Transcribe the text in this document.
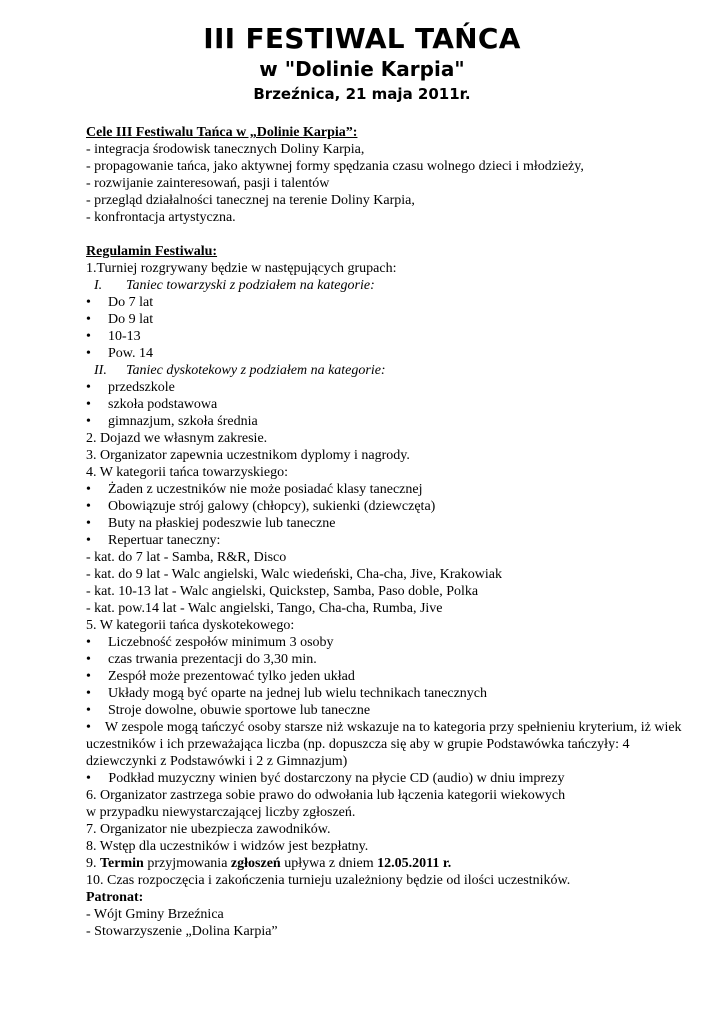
III FESTIWAL TAŃCA
w "Dolinie Karpia"
Brzeźnica, 21 maja 2011r.
Cele III Festiwalu Tańca w „Dolinie Karpia”:
- integracja środowisk tanecznych Doliny Karpia,
- propagowanie tańca, jako aktywnej formy spędzania czasu wolnego dzieci i młodzieży,
- rozwijanie zainteresowań, pasji i talentów
- przegląd działalności tanecznej na terenie Doliny Karpia,
- konfrontacja artystyczna.
Regulamin Festiwalu:
1.Turniej rozgrywany będzie w następujących grupach:
I. Taniec towarzyski z podziałem na kategorie:
• Do 7 lat
• Do 9 lat
• 10-13
• Pow. 14
II. Taniec dyskotekowy z podziałem na kategorie:
• przedszkole
• szkoła podstawowa
• gimnazjum, szkoła średnia
2. Dojazd we własnym zakresie.
3. Organizator zapewnia uczestnikom dyplomy i nagrody.
4. W kategorii tańca towarzyskiego:
• Żaden z uczestników nie może posiadać klasy tanecznej
• Obowiązuje strój galowy (chłopcy), sukienki (dziewczęta)
• Buty na płaskiej podeszwie lub taneczne
• Repertuar taneczny:
- kat. do 7 lat - Samba, R&R, Disco
- kat. do 9 lat - Walc angielski, Walc wiedeński, Cha-cha, Jive, Krakowiak
- kat. 10-13 lat - Walc angielski, Quickstep, Samba, Paso doble, Polka
- kat. pow.14 lat - Walc angielski, Tango, Cha-cha, Rumba, Jive
5. W kategorii tańca dyskotekowego:
• Liczebność zespołów minimum 3 osoby
• czas trwania prezentacji do 3,30 min.
• Zespół może prezentować tylko jeden układ
• Układy mogą być oparte na jednej lub wielu technikach tanecznych
• Stroje dowolne, obuwie sportowe lub taneczne
• W zespole mogą tańczyć osoby starsze niż wskazuje na to kategoria przy spełnieniu kryterium, iż wiek uczestników i ich przeważająca liczba (np. dopuszcza się aby w grupie Podstawówka tańczyły: 4 dziewczynki z Podstawówki i 2 z Gimnazjum)
• Podkład muzyczny winien być dostarczony na płycie CD (audio) w dniu imprezy
6. Organizator zastrzega sobie prawo do odwołania lub łączenia kategorii wiekowych
w przypadku niewystarczającej liczby zgłoszeń.
7. Organizator nie ubezpiecza zawodników.
8. Wstęp dla uczestników i widzów jest bezpłatny.
9. Termin przyjmowania zgłoszeń upływa z dniem 12.05.2011 r.
10. Czas rozpoczęcia i zakończenia turnieju uzależniony będzie od ilości uczestników.
Patronat:
- Wójt Gminy Brzeźnica
- Stowarzyszenie „Dolina Karpia”
